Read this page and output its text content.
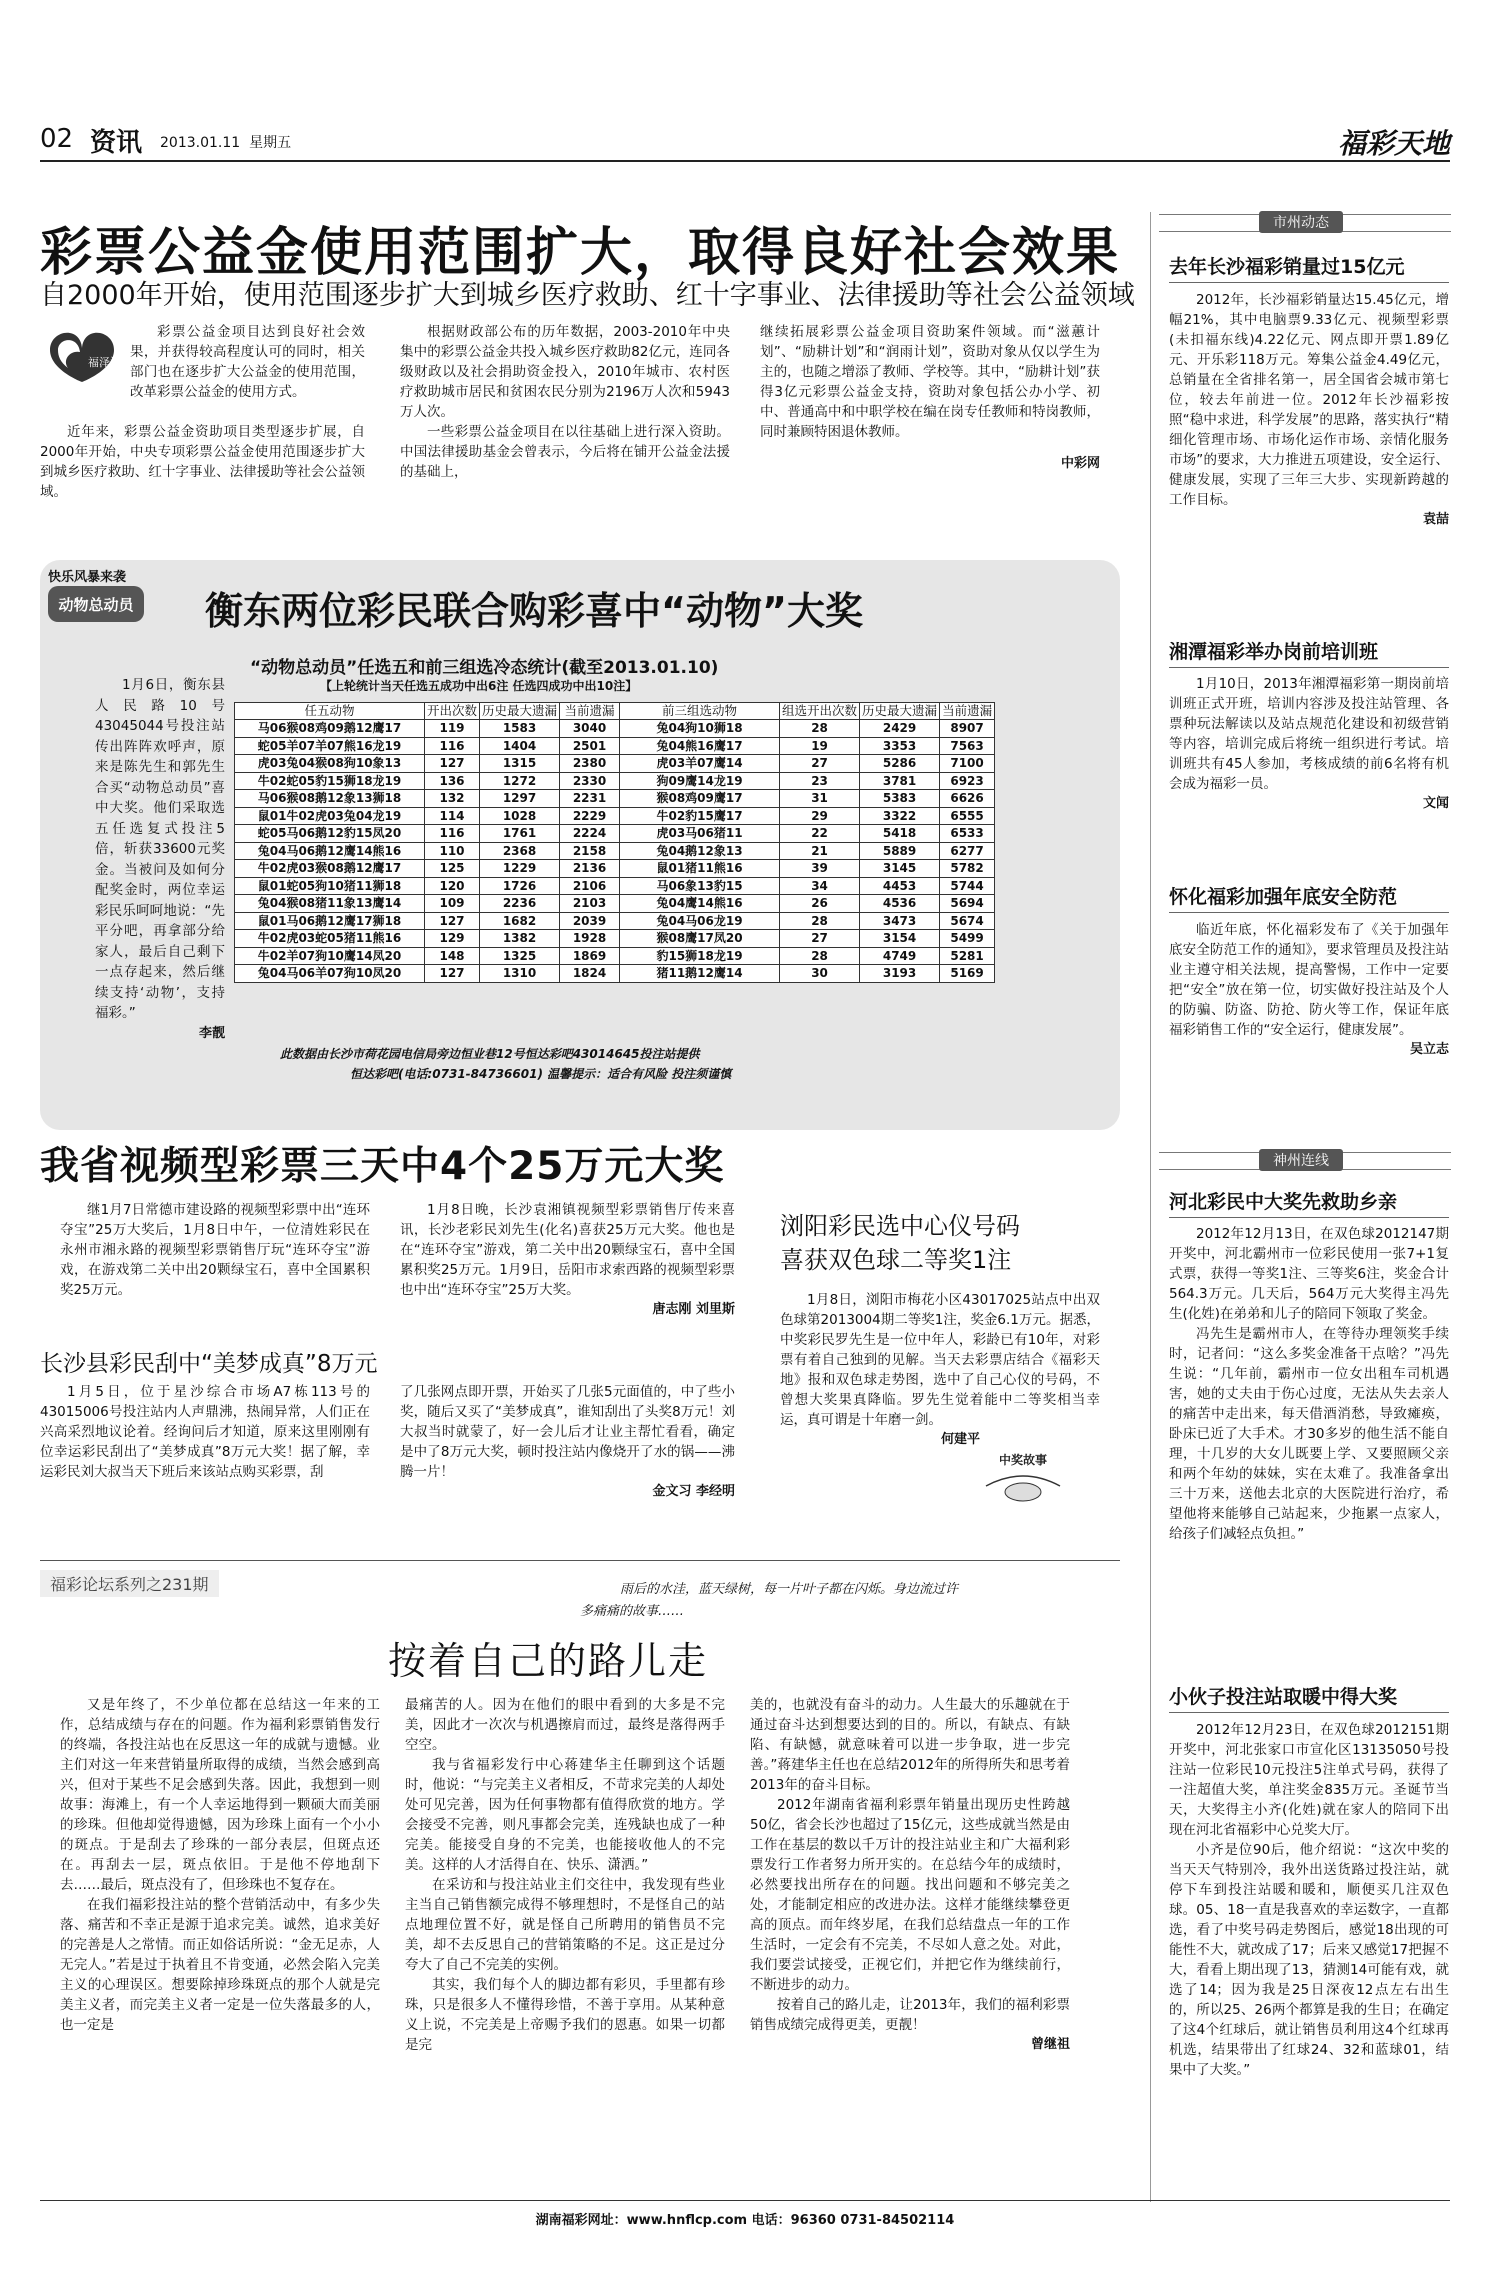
02 资讯 2013.01.11 星期五	福彩天地
彩票公益金使用范围扩大，取得良好社会效果
自2000年开始，使用范围逐步扩大到城乡医疗救助、红十字事业、法律援助等社会公益领域
福泽潇湘

彩票公益金项目达到良好社会效果，并获得较高程度认可的同时，相关部门也在逐步扩大公益金的使用范围，改革彩票公益金的使用方式。

近年来，彩票公益金资助项目类型逐步扩展，自2000年开始，中央专项彩票公益金使用范围逐步扩大到城乡医疗救助、红十字事业、法律援助等社会公益领域。

根据财政部公布的历年数据，2003-2010年中央集中的彩票公益金共投入城乡医疗救助82亿元，连同各级财政以及社会捐助资金投入，2010年城市、农村医疗救助城市居民和贫困农民分别为2196万人次和5943万人次。

一些彩票公益金项目在以往基础上进行深入资助。中国法律援助基金会曾表示，今后将在铺开公益金法援的基础上，

继续拓展彩票公益金项目资助案件领域。而“滋蕙计划”、“励耕计划”和“润雨计划”，资助对象从仅以学生为主的，也随之增添了教师、学校等。其中，“励耕计划”获得3亿元彩票公益金支持，资助对象包括公办小学、初中、普通高中和中职学校在编在岗专任教师和特岗教师，同时兼顾特困退休教师。

中彩网

快乐风暴来袭
动物总动员 衡东两位彩民联合购彩喜中“动物”大奖

1月6日，衡东县人民路10号43045044号投注站传出阵阵欢呼声，原来是陈先生和郭先生合买“动物总动员”喜中大奖。他们采取选五任选复式投注5倍，斩获33600元奖金。当被问及如何分配奖金时，两位幸运彩民乐呵呵地说：“先平分吧，再拿部分给家人，最后自己剩下一点存起来，然后继续支持‘动物’，支持福彩。”

李靓

“动物总动员”任选五和前三组选冷态统计(截至2013.01.10)
【上轮统计当天任选五成功中出6注 任选四成功中出10注】
任五动物	开出次数	历史最大遗漏	当前遗漏	前三组选动物	组选开出次数	历史最大遗漏	当前遗漏
马06猴08鸡09鹅12鹰17	119	1583	3040	兔04狗10狮18	28	2429	8907
蛇05羊07羊07熊16龙19	116	1404	2501	兔04熊16鹰17	19	3353	7563
虎03兔04猴08狗10象13	127	1315	2380	虎03羊07鹰14	27	5286	7100
牛02蛇05豹15狮18龙19	136	1272	2330	狗09鹰14龙19	23	3781	6923
马06猴08鹅12象13狮18	132	1297	2231	猴08鸡09鹰17	31	5383	6626
鼠01牛02虎03兔04龙19	114	1028	2229	牛02豹15鹰17	29	3322	6555
蛇05马06鹅12豹15凤20	116	1761	2224	虎03马06猪11	22	5418	6533
兔04马06鹅12鹰14熊16	110	2368	2158	兔04鹅12象13	21	5889	6277
牛02虎03猴08鹅12鹰17	125	1229	2136	鼠01猪11熊16	39	3145	5782
鼠01蛇05狗10猪11狮18	120	1726	2106	马06象13豹15	34	4453	5744
兔04猴08猪11象13鹰14	109	2236	2103	兔04鹰14熊16	26	4536	5694
鼠01马06鹅12鹰17狮18	127	1682	2039	兔04马06龙19	28	3473	5674
牛02虎03蛇05猪11熊16	129	1382	1928	猴08鹰17凤20	27	3154	5499
牛02羊07狗10鹰14凤20	148	1325	1869	豹15狮18龙19	28	4749	5281
兔04马06羊07狗10凤20	127	1310	1824	猪11鹅12鹰14	30	3193	5169
此数据由长沙市荷花园电信局旁边恒业巷12号恒达彩吧43014645投注站提供
恒达彩吧(电话:0731-84736601) 温馨提示：适合有风险 投注须谨慎
我省视频型彩票三天中4个25万元大奖

继1月7日常德市建设路的视频型彩票中出“连环夺宝”25万大奖后，1月8日中午，一位清姓彩民在永州市湘永路的视频型彩票销售厅玩“连环夺宝”游戏，在游戏第二关中出20颗绿宝石，喜中全国累积奖25万元。

1月8日晚，长沙袁湘镇视频型彩票销售厅传来喜讯，长沙老彩民刘先生(化名)喜获25万元大奖。他也是在“连环夺宝”游戏，第二关中出20颗绿宝石，喜中全国累积奖25万元。1月9日，岳阳市求索西路的视频型彩票也中出“连环夺宝”25万大奖。

唐志刚 刘里斯

长沙县彩民刮中“美梦成真”8万元

1月5日，位于星沙综合市场A7栋113号的43015006号投注站内人声鼎沸，热闹异常，人们正在兴高采烈地议论着。经询问后才知道，原来这里刚刚有位幸运彩民刮出了“美梦成真”8万元大奖！据了解，幸运彩民刘大叔当天下班后来该站点购买彩票，刮

了几张网点即开票，开始买了几张5元面值的，中了些小奖，随后又买了“美梦成真”，谁知刮出了头奖8万元！刘大叔当时就蒙了，好一会儿后才让业主帮忙看看，确定是中了8万元大奖，顿时投注站内像烧开了水的锅——沸腾一片！

金文习 李经明

浏阳彩民选中心仪号码
喜获双色球二等奖1注

1月8日，浏阳市梅花小区43017025站点中出双色球第2013004期二等奖1注，奖金6.1万元。据悉，中奖彩民罗先生是一位中年人，彩龄已有10年，对彩票有着自己独到的见解。当天去彩票店结合《福彩天地》报和双色球走势图，选中了自己心仪的号码，不曾想大奖果真降临。罗先生觉着能中二等奖相当幸运，真可谓是十年磨一剑。

何建平

中奖故事
福彩论坛系列之231期	雨后的水洼，蓝天绿树，每一片叶子都在闪烁。身边流过许
多痛痛的故事……
按着自己的路儿走

又是年终了，不少单位都在总结这一年来的工作，总结成绩与存在的问题。作为福利彩票销售发行的终端，各投注站也在反思这一年的成就与遗憾。业主们对这一年来营销量所取得的成绩，当然会感到高兴，但对于某些不足会感到失落。因此，我想到一则故事：海滩上，有一个人幸运地得到一颗硕大而美丽的珍珠。但他却觉得遗憾，因为珍珠上面有一个小小的斑点。于是刮去了珍珠的一部分表层，但斑点还在。再刮去一层，斑点依旧。于是他不停地刮下去……最后，斑点没有了，但珍珠也不复存在。

在我们福彩投注站的整个营销活动中，有多少失落、痛苦和不幸正是源于追求完美。诚然，追求美好的完善是人之常情。而正如俗话所说：“金无足赤，人无完人。”若是过于执着且不肯变通，必然会陷入完美主义的心理误区。想要除掉珍珠斑点的那个人就是完美主义者，而完美主义者一定是一位失落最多的人，也一定是

最痛苦的人。因为在他们的眼中看到的大多是不完美，因此才一次次与机遇擦肩而过，最终是落得两手空空。

我与省福彩发行中心蒋建华主任聊到这个话题时，他说：“与完美主义者相反，不苛求完美的人却处处可见完善，因为任何事物都有值得欣赏的地方。学会接受不完善，则凡事都会完美，连残缺也成了一种完美。能接受自身的不完美，也能接收他人的不完美。这样的人才活得自在、快乐、潇洒。”

在采访和与投注站业主们交往中，我发现有些业主当自己销售额完成得不够理想时，不是怪自己的站点地理位置不好，就是怪自己所聘用的销售员不完美，却不去反思自己的营销策略的不足。这正是过分夸大了自己不完美的实例。

其实，我们每个人的脚边都有彩贝，手里都有珍珠，只是很多人不懂得珍惜，不善于享用。从某种意义上说，不完美是上帝赐予我们的恩惠。如果一切都是完

美的，也就没有奋斗的动力。人生最大的乐趣就在于通过奋斗达到想要达到的目的。所以，有缺点、有缺陷、有缺憾，就意味着可以进一步争取，进一步完善。”蒋建华主任也在总结2012年的所得所失和思考着2013年的奋斗目标。

2012年湖南省福利彩票年销量出现历史性跨越50亿，省会长沙也超过了15亿元，这些成就当然是由工作在基层的数以千万计的投注站业主和广大福利彩票发行工作者努力所开实的。在总结今年的成绩时，必然要找出所存在的问题。找出问题和不够完美之处，才能制定相应的改进办法。这样才能继续攀登更高的顶点。而年终岁尾，在我们总结盘点一年的工作生活时，一定会有不完美，不尽如人意之处。对此，我们要尝试接受，正视它们，并把它作为继续前行，不断进步的动力。

按着自己的路儿走，让2013年，我们的福利彩票销售成绩完成得更美，更靓！

曾继祖

市州动态
去年长沙福彩销量过15亿元

2012年，长沙福彩销量达15.45亿元，增幅21%，其中电脑票9.33亿元、视频型彩票(未扣福东线)4.22亿元、网点即开票1.89亿元、开乐彩118万元。筹集公益金4.49亿元，总销量在全省排名第一，居全国省会城市第七位，较去年前进一位。2012年长沙福彩按照“稳中求进，科学发展”的思路，落实执行“精细化管理市场、市场化运作市场、亲情化服务市场”的要求，大力推进五项建设，安全运行、健康发展，实现了三年三大步、实现新跨越的工作目标。

袁喆

湘潭福彩举办岗前培训班

1月10日，2013年湘潭福彩第一期岗前培训班正式开班，培训内容涉及投注站管理、各票种玩法解读以及站点规范化建设和初级营销等内容，培训完成后将统一组织进行考试。培训班共有45人参加，考核成绩的前6名将有机会成为福彩一员。

文闻

怀化福彩加强年底安全防范

临近年底，怀化福彩发布了《关于加强年底安全防范工作的通知》，要求管理员及投注站业主遵守相关法规，提高警惕，工作中一定要把“安全”放在第一位，切实做好投注站及个人的防骗、防盗、防抢、防火等工作，保证年底福彩销售工作的“安全运行，健康发展”。

吴立志

神州连线
河北彩民中大奖先救助乡亲

2012年12月13日，在双色球2012147期开奖中，河北霸州市一位彩民使用一张7+1复式票，获得一等奖1注、三等奖6注，奖金合计564.3万元。几天后，564万元大奖得主冯先生(化姓)在弟弟和儿子的陪同下领取了奖金。

冯先生是霸州市人，在等待办理领奖手续时，记者问：“这么多奖金准备干点啥？”冯先生说：“几年前，霸州市一位女出租车司机遇害，她的丈夫由于伤心过度，无法从失去亲人的痛苦中走出来，每天借酒消愁，导致瘫痪，卧床已近了大手术。才30多岁的他生活不能自理，十几岁的大女儿既要上学、又要照顾父亲和两个年幼的妹妹，实在太难了。我准备拿出三十万来，送他去北京的大医院进行治疗，希望他将来能够自己站起来，少拖累一点家人，给孩子们减轻点负担。”

小伙子投注站取暖中得大奖

2012年12月23日，在双色球2012151期开奖中，河北张家口市宣化区13135050号投注站一位彩民10元投注5注单式号码，获得了一注超值大奖，单注奖金835万元。圣诞节当天，大奖得主小齐(化姓)就在家人的陪同下出现在河北省福彩中心兑奖大厅。

小齐是位90后，他介绍说：“这次中奖的当天天气特别冷，我外出送货路过投注站，就停下车到投注站暖和暖和，顺便买几注双色球。05、18一直是我喜欢的幸运数字，一直都选，看了中奖号码走势图后，感觉18出现的可能性不大，就改成了17；后来又感觉17把握不大，看看上期出现了13，猜测14可能有戏，就选了14；因为我是25日深夜12点左右出生的，所以25、26两个都算是我的生日；在确定了这4个红球后，就让销售员利用这4个红球再机选，结果带出了红球24、32和蓝球01，结果中了大奖。”

湖南福彩网址：www.hnflcp.com 电话：96360 0731-84502114
